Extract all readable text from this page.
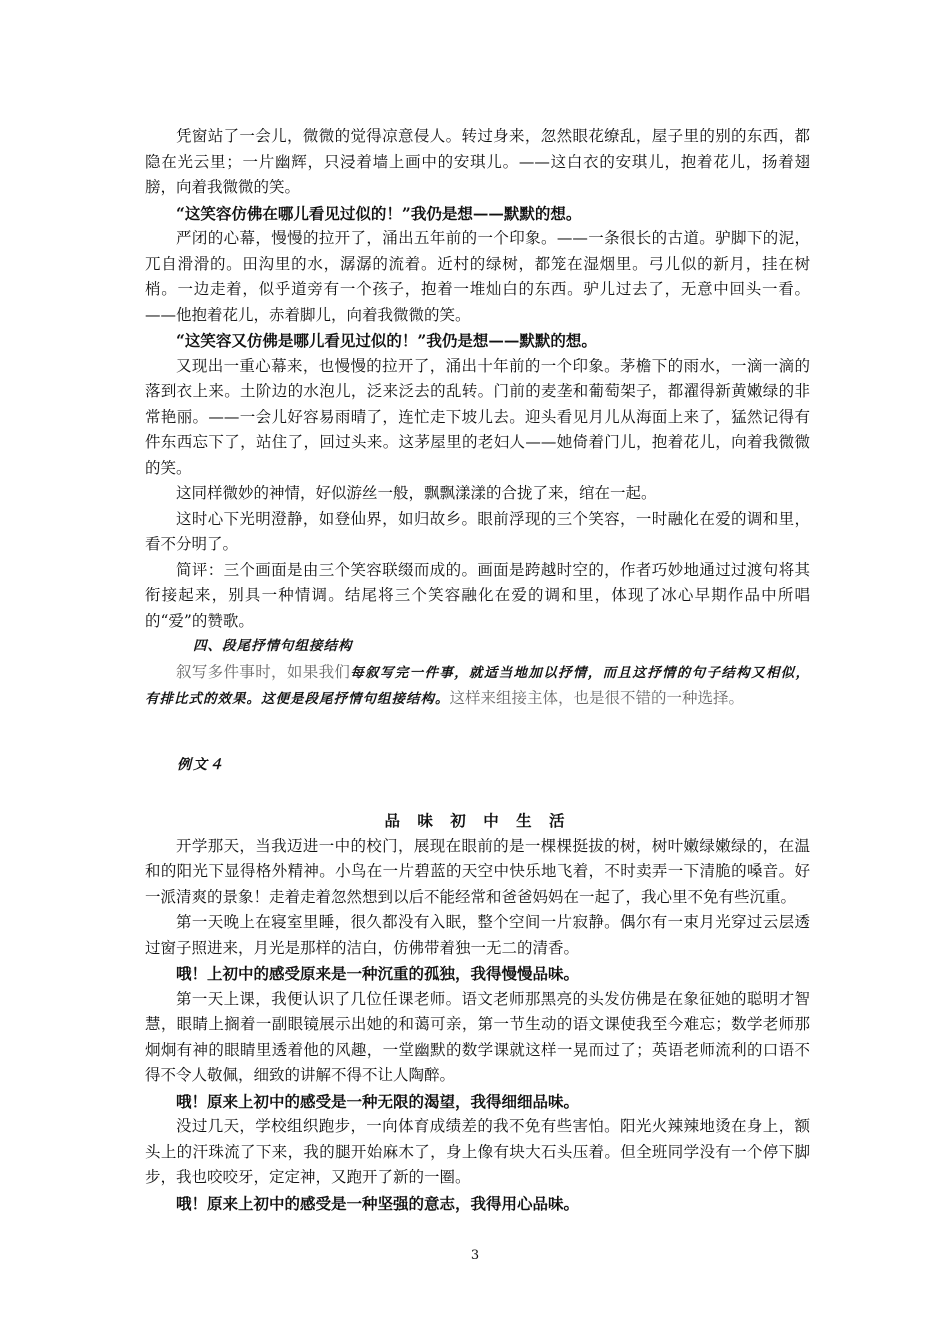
凭窗站了一会儿，微微的觉得凉意侵人。转过身来，忽然眼花缭乱，屋子里的别的东西，都隐在光云里；一片幽辉，只浸着墙上画中的安琪儿。——这白衣的安琪儿，抱着花儿，扬着翅膀，向着我微微的笑。

“这笑容仿佛在哪儿看见过似的！”我仍是想——默默的想。

严闭的心幕，慢慢的拉开了，涌出五年前的一个印象。——一条很长的古道。驴脚下的泥，兀自滑滑的。田沟里的水，潺潺的流着。近村的绿树，都笼在湿烟里。弓儿似的新月，挂在树梢。一边走着，似乎道旁有一个孩子，抱着一堆灿白的东西。驴儿过去了，无意中回头一看。——他抱着花儿，赤着脚儿，向着我微微的笑。

“这笑容又仿佛是哪儿看见过似的！”我仍是想——默默的想。

又现出一重心幕来，也慢慢的拉开了，涌出十年前的一个印象。茅檐下的雨水，一滴一滴的落到衣上来。土阶边的水泡儿，泛来泛去的乱转。门前的麦垄和葡萄架子，都濯得新黄嫩绿的非常艳丽。——一会儿好容易雨晴了，连忙走下坡儿去。迎头看见月儿从海面上来了，猛然记得有件东西忘下了，站住了，回过头来。这茅屋里的老妇人——她倚着门儿，抱着花儿，向着我微微的笑。

这同样微妙的神情，好似游丝一般，飘飘漾漾的合拢了来，绾在一起。

这时心下光明澄静，如登仙界，如归故乡。眼前浮现的三个笑容，一时融化在爱的调和里，看不分明了。

简评：三个画面是由三个笑容联缀而成的。画面是跨越时空的，作者巧妙地通过过渡句将其衔接起来，别具一种情调。结尾将三个笑容融化在爱的调和里，体现了冰心早期作品中所唱的“爱”的赞歌。

四、段尾抒情句组接结构

叙写多件事时，如果我们每叙写完一件事，就适当地加以抒情，而且这抒情的句子结构又相似，有排比式的效果。这便是段尾抒情句组接结构。这样来组接主体，也是很不错的一种选择。

例文４

品 味 初 中 生 活

开学那天，当我迈进一中的校门，展现在眼前的是一棵棵挺拔的树，树叶嫩绿嫩绿的，在温和的阳光下显得格外精神。小鸟在一片碧蓝的天空中快乐地飞着，不时卖弄一下清脆的嗓音。好一派清爽的景象！走着走着忽然想到以后不能经常和爸爸妈妈在一起了，我心里不免有些沉重。

第一天晚上在寝室里睡，很久都没有入眠，整个空间一片寂静。偶尔有一束月光穿过云层透过窗子照进来，月光是那样的洁白，仿佛带着独一无二的清香。

哦！上初中的感受原来是一种沉重的孤独，我得慢慢品味。

第一天上课，我便认识了几位任课老师。语文老师那黑亮的头发仿佛是在象征她的聪明才智慧，眼睛上搁着一副眼镜展示出她的和蔼可亲，第一节生动的语文课使我至今难忘；数学老师那炯炯有神的眼睛里透着他的风趣，一堂幽默的数学课就这样一晃而过了；英语老师流利的口语不得不令人敬佩，细致的讲解不得不让人陶醉。

哦！原来上初中的感受是一种无限的渴望，我得细细品味。

没过几天，学校组织跑步，一向体育成绩差的我不免有些害怕。阳光火辣辣地烫在身上，额头上的汗珠流了下来，我的腿开始麻木了，身上像有块大石头压着。但全班同学没有一个停下脚步，我也咬咬牙，定定神，又跑开了新的一圈。

哦！原来上初中的感受是一种坚强的意志，我得用心品味。

3
